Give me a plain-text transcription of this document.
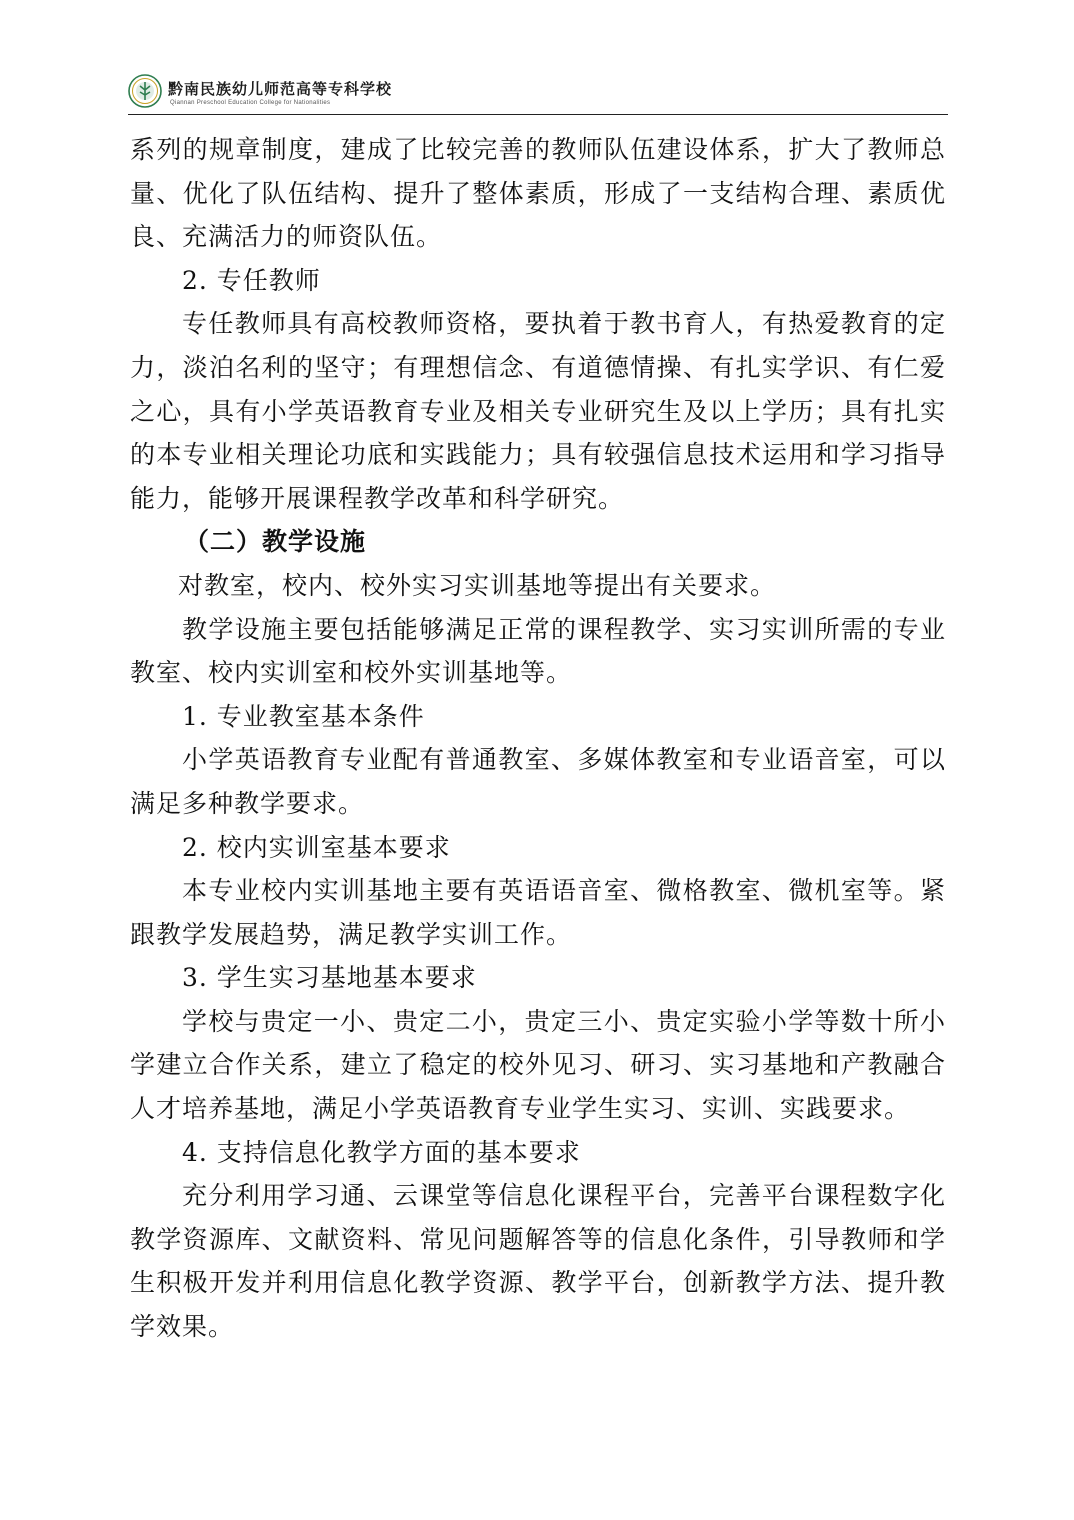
黔南民族幼儿师范高等专科学校
Qiannan Preschool Education College for Nationalities

系列的规章制度，建成了比较完善的教师队伍建设体系，扩大了教师总量、优化了队伍结构、提升了整体素质，形成了一支结构合理、素质优良、充满活力的师资队伍。

2. 专任教师

专任教师具有高校教师资格，要执着于教书育人，有热爱教育的定力，淡泊名利的坚守；有理想信念、有道德情操、有扎实学识、有仁爱之心，具有小学英语教育专业及相关专业研究生及以上学历；具有扎实的本专业相关理论功底和实践能力；具有较强信息技术运用和学习指导能力，能够开展课程教学改革和科学研究。

（二）教学设施

对教室，校内、校外实习实训基地等提出有关要求。

教学设施主要包括能够满足正常的课程教学、实习实训所需的专业教室、校内实训室和校外实训基地等。

1. 专业教室基本条件

小学英语教育专业配有普通教室、多媒体教室和专业语音室，可以满足多种教学要求。

2. 校内实训室基本要求

本专业校内实训基地主要有英语语音室、微格教室、微机室等。紧跟教学发展趋势，满足教学实训工作。

3. 学生实习基地基本要求

学校与贵定一小、贵定二小，贵定三小、贵定实验小学等数十所小学建立合作关系，建立了稳定的校外见习、研习、实习基地和产教融合人才培养基地，满足小学英语教育专业学生实习、实训、实践要求。

4. 支持信息化教学方面的基本要求

充分利用学习通、云课堂等信息化课程平台，完善平台课程数字化教学资源库、文献资料、常见问题解答等的信息化条件，引导教师和学生积极开发并利用信息化教学资源、教学平台，创新教学方法、提升教学效果。
